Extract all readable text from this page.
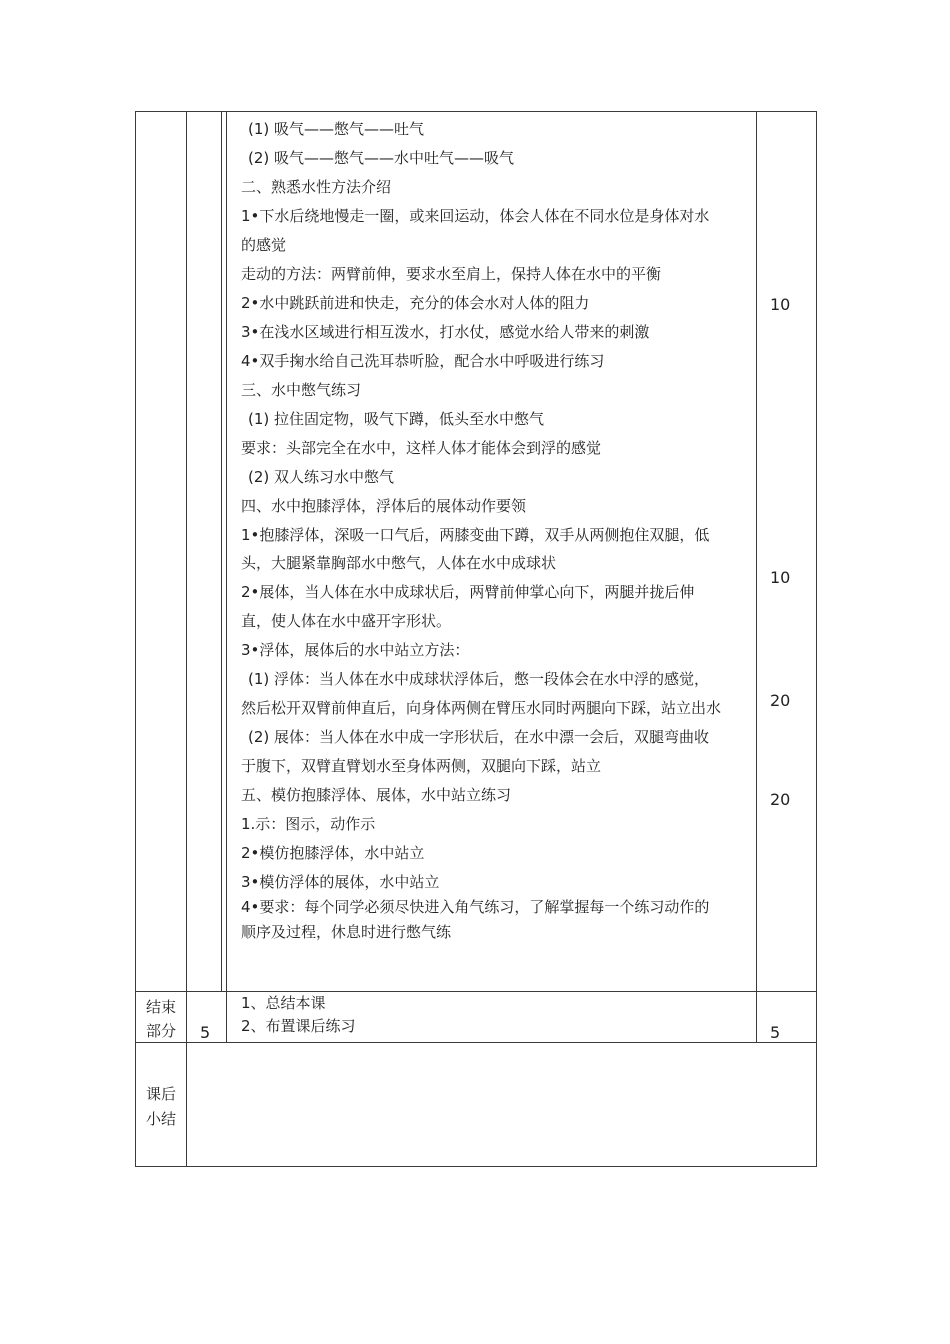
(1) 吸气——憋气——吐气
(2) 吸气——憋气——水中吐气——吸气
二、熟悉水性方法介绍
1•下水后绕地慢走一圈，或来回运动，体会人体在不同水位是身体对水
的感觉
走动的方法：两臂前伸，要求水至肩上，保持人体在水中的平衡
2•水中跳跃前进和快走，充分的体会水对人体的阻力
3•在浅水区域进行相互泼水，打水仗，感觉水给人带来的刺激
4•双手掬水给自己洗耳恭听脸，配合水中呼吸进行练习
三、水中憋气练习
(1) 拉住固定物，吸气下蹲，低头至水中憋气
要求：头部完全在水中，这样人体才能体会到浮的感觉
(2) 双人练习水中憋气
四、水中抱膝浮体，浮体后的展体动作要领
1•抱膝浮体，深吸一口气后，两膝变曲下蹲，双手从两侧抱住双腿，低
头，大腿紧靠胸部水中憋气，人体在水中成球状
2•展体，当人体在水中成球状后，两臂前伸掌心向下，两腿并拢后伸
直，使人体在水中盛开字形状。
3•浮体，展体后的水中站立方法：
(1) 浮体：当人体在水中成球状浮体后，憋一段体会在水中浮的感觉，
然后松开双臂前伸直后，向身体两侧在臂压水同时两腿向下踩，站立出水
(2) 展体：当人体在水中成一字形状后，在水中漂一会后，双腿弯曲收
于腹下，双臂直臂划水至身体两侧，双腿向下踩，站立
五、模仿抱膝浮体、展体，水中站立练习
1.示：图示，动作示
2•模仿抱膝浮体，水中站立
3•模仿浮体的展体，水中站立
4•要求：每个同学必须尽快进入角气练习，了解掌握每一个练习动作的
顺序及过程，休息时进行憋气练
10
10
20
20
结束
部分 5
1、总结本课
2、布置课后练习	5
课后
小结
